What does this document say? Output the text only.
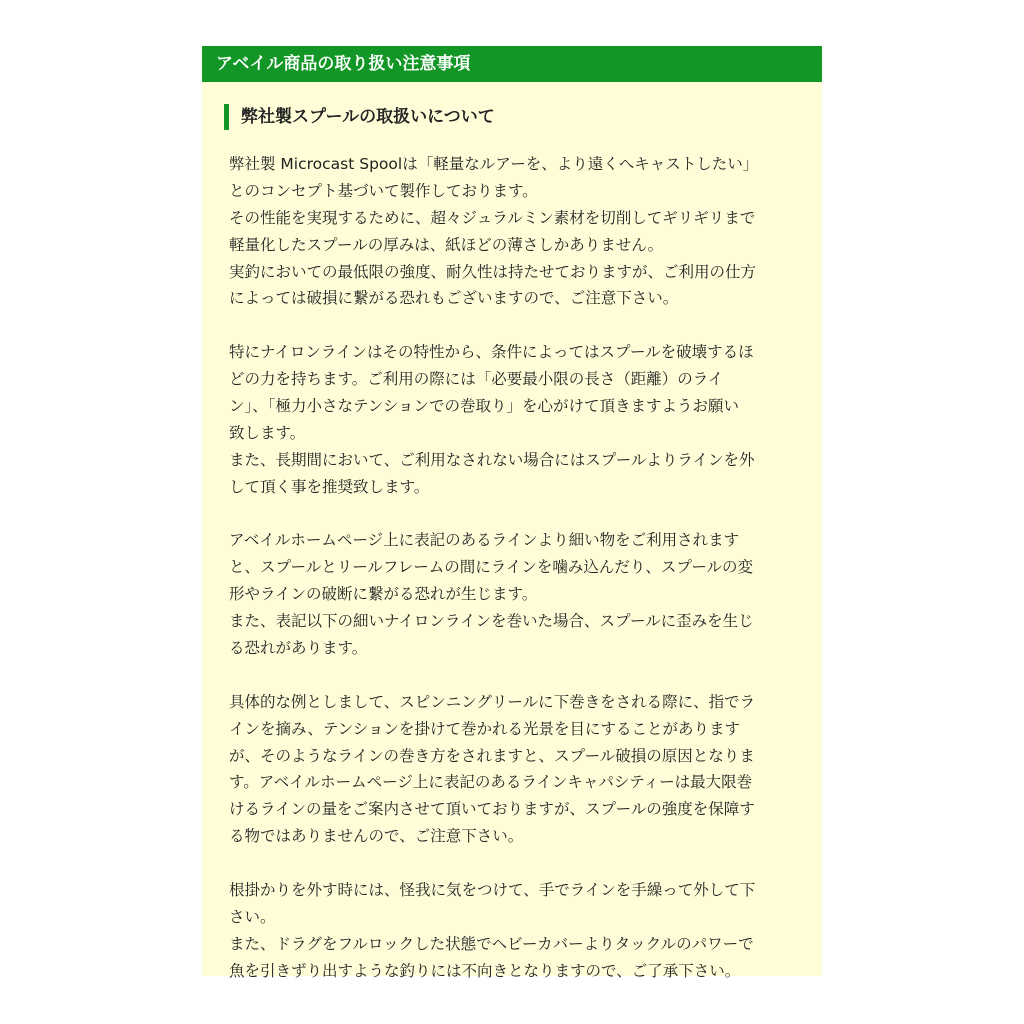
アベイル商品の取り扱い注意事項
弊社製スプールの取扱いについて
弊社製 Microcast Spoolは「軽量なルアーを、より遠くへキャストしたい」
とのコンセプト基づいて製作しております。
その性能を実現するために、超々ジュラルミン素材を切削してギリギリまで
軽量化したスプールの厚みは、紙ほどの薄さしかありません。
実釣においての最低限の強度、耐久性は持たせておりますが、ご利用の仕方
によっては破損に繋がる恐れもございますので、ご注意下さい。
特にナイロンラインはその特性から、条件によってはスプールを破壊するほ
どの力を持ちます。ご利用の際には「必要最小限の長さ（距離）のライ
ン」、「極力小さなテンションでの巻取り」を心がけて頂きますようお願い
致します。
また、長期間において、ご利用なされない場合にはスプールよりラインを外
して頂く事を推奨致します。
アベイルホームページ上に表記のあるラインより細い物をご利用されます
と、スプールとリールフレームの間にラインを噛み込んだり、スプールの変
形やラインの破断に繋がる恐れが生じます。
また、表記以下の細いナイロンラインを巻いた場合、スプールに歪みを生じ
る恐れがあります。
具体的な例としまして、スピンニングリールに下巻きをされる際に、指でラ
インを摘み、テンションを掛けて巻かれる光景を目にすることがあります
が、そのようなラインの巻き方をされますと、スプール破損の原因となりま
す。アベイルホームページ上に表記のあるラインキャパシティーは最大限巻
けるラインの量をご案内させて頂いておりますが、スプールの強度を保障す
る物ではありませんので、ご注意下さい。
根掛かりを外す時には、怪我に気をつけて、手でラインを手繰って外して下
さい。
また、ドラグをフルロックした状態でヘビーカバーよりタックルのパワーで
魚を引きずり出すような釣りには不向きとなりますので、ご了承下さい。
